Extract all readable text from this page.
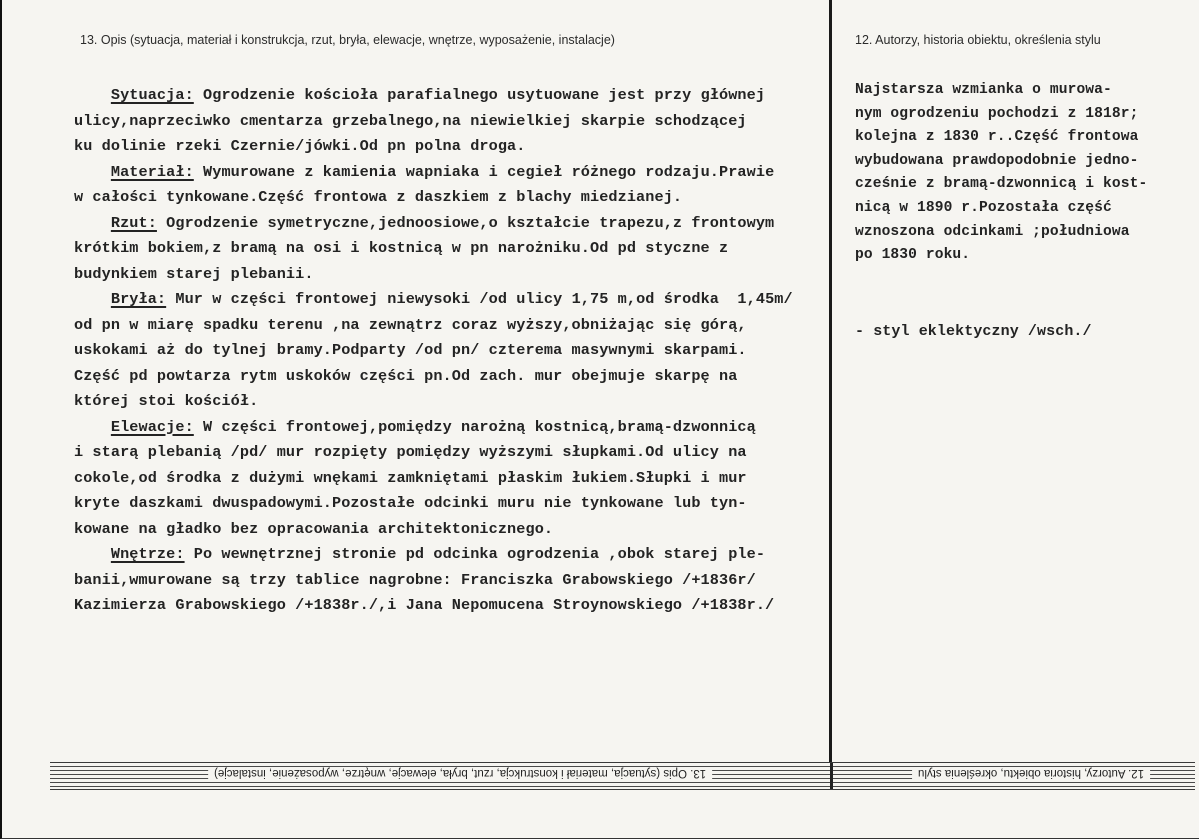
13. Opis (sytuacja, materiał i konstrukcja, rzut, bryła, elewacje, wnętrze, wyposażenie, instalacje)	12. Autorzy, historia obiektu, określenia stylu
Sytuacja: Ogrodzenie kościoła parafialnego usytuowane jest przy głównej
ulicy,naprzeciwko cmentarza grzebalnego,na niewielkiej skarpie schodzącej
ku dolinie rzeki Czernie/jówki.Od pn polna droga.
Materiał: Wymurowane z kamienia wapniaka i cegieł różnego rodzaju.Prawie
w całości tynkowane.Część frontowa z daszkiem z blachy miedzianej.
Rzut: Ogrodzenie symetryczne,jednoosiowe,o kształcie trapezu,z frontowym
krótkim bokiem,z bramą na osi i kostnicą w pn narożniku.Od pd styczne z
budynkiem starej plebanii.
Bryła: Mur w części frontowej niewysoki /od ulicy 1,75 m,od środka  1,45m/
od pn w miarę spadku terenu ,na zewnątrz coraz wyższy,obniżając się górą,
uskokami aż do tylnej bramy.Podparty /od pn/ czterema masywnymi skarpami.
Część pd powtarza rytm uskoków części pn.Od zach. mur obejmuje skarpę na
której stoi kościół.
Elewacje: W części frontowej,pomiędzy narożną kostnicą,bramą-dzwonnicą
i starą plebanią /pd/ mur rozpięty pomiędzy wyższymi słupkami.Od ulicy na
cokole,od środka z dużymi wnękami zamkniętami płaskim łukiem.Słupki i mur
kryte daszkami dwuspadowymi.Pozostałe odcinki muru nie tynkowane lub tyn-
kowane na gładko bez opracowania architektonicznego.
Wnętrze: Po wewnętrznej stronie pd odcinka ogrodzenia ,obok starej ple-
banii,wmurowane są trzy tablice nagrobne: Franciszka Grabowskiego /+1836r/
Kazimierza Grabowskiego /+1838r./,i Jana Nepomucena Stroynowskiego /+1838r./
Najstarsza wzmianka o murowa-
nym ogrodzeniu pochodzi z 1818r;
kolejna z 1830 r..Część frontowa
wybudowana prawdopodobnie jedno-
cześnie z bramą-dzwonnicą i kost-
nicą w 1890 r.Pozostała część
wznoszona odcinkami ;południowa
po 1830 roku.
- styl eklektyczny /wsch./
13. Opis (sytuacja, materiał i konstrukcja, rzut, bryła, elewacje, wnętrze, wyposażenie, instalacje)	12. Autorzy, historia obiektu, określenia stylu
